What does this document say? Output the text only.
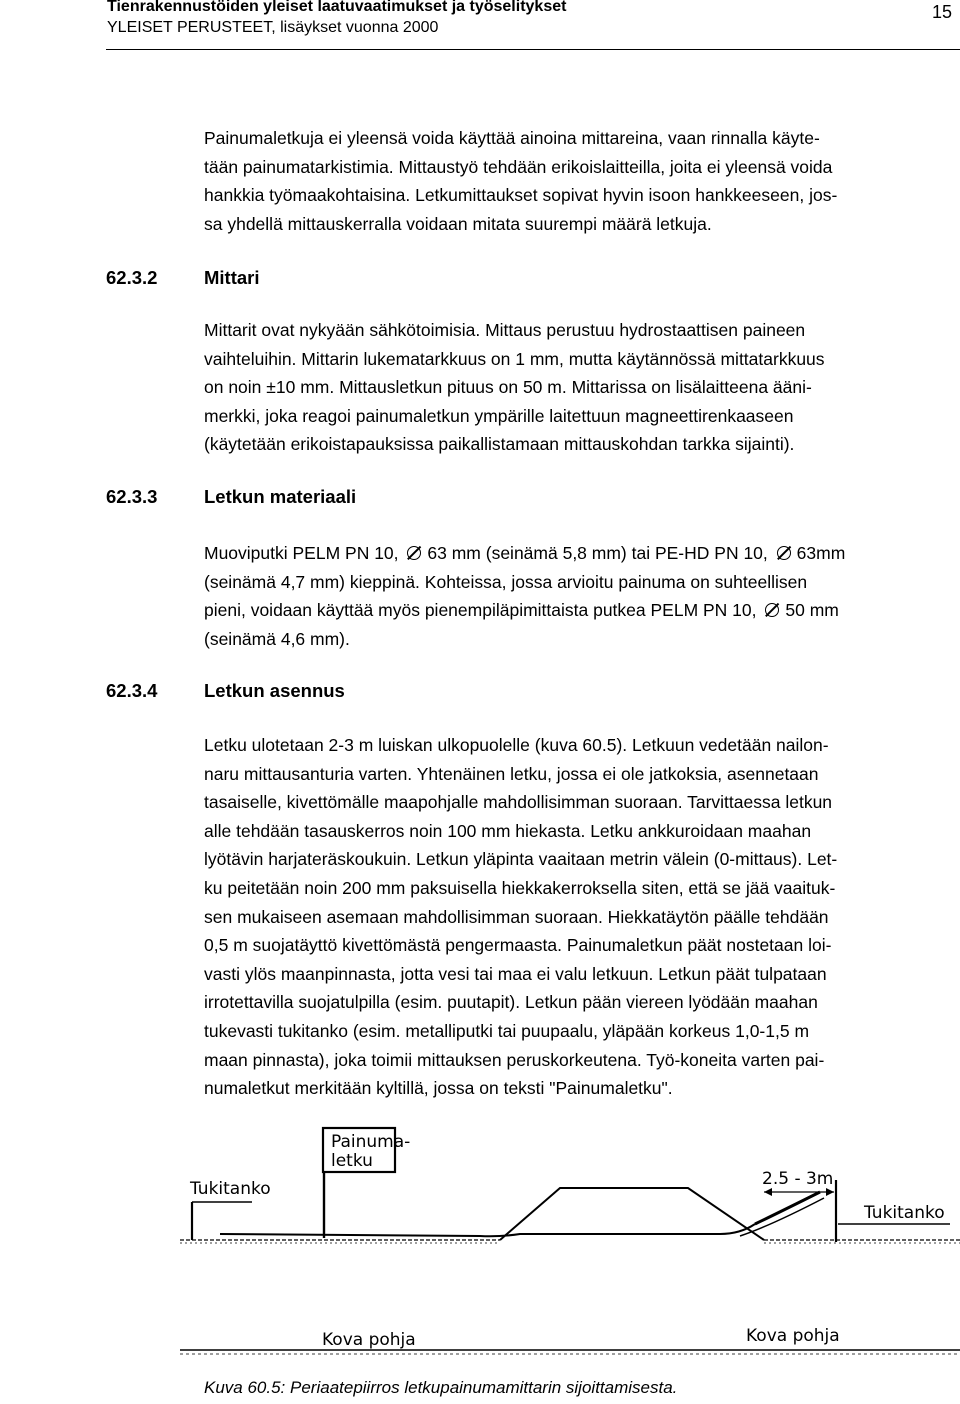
Tienrakennustöiden yleiset laatuvaatimukset ja työselitykset
YLEISET PERUSTEET, lisäykset vuonna 2000
15
Painumaletkuja ei yleensä voida käyttää ainoina mittareina, vaan rinnalla käyte-
tään painumatarkistimia. Mittaustyö tehdään erikoislaitteilla, joita ei yleensä voida
hankkia työmaakohtaisina. Letkumittaukset sopivat hyvin isoon hankkeeseen, jos-
sa yhdellä mittauskerralla voidaan mitata suurempi määrä letkuja.
62.3.2	Mittari
Mittarit ovat nykyään sähkötoimisia. Mittaus perustuu hydrostaattisen paineen
vaihteluihin. Mittarin lukematarkkuus on 1 mm, mutta käytännössä mittatarkkuus
on noin ±10 mm. Mittausletkun pituus on 50 m. Mittarissa on lisälaitteena ääni-
merkki, joka reagoi painumaletkun ympärille laitettuun magneettirenkaaseen
(käytetään erikoistapauksissa paikallistamaan mittauskohdan tarkka sijainti).
62.3.3	Letkun materiaali
Muoviputki PELM PN 10, 63 mm (seinämä 5,8 mm) tai PE-HD PN 10, 63mm
(seinämä 4,7 mm) kieppinä. Kohteissa, jossa arvioitu painuma on suhteellisen
pieni, voidaan käyttää myös pienempiläpimittaista putkea PELM PN 10, 50 mm
(seinämä 4,6 mm).
62.3.4	Letkun asennus
Letku ulotetaan 2-3 m luiskan ulkopuolelle (kuva 60.5). Letkuun vedetään nailon-
naru mittausanturia varten. Yhtenäinen letku, jossa ei ole jatkoksia, asennetaan
tasaiselle, kivettömälle maapohjalle mahdollisimman suoraan. Tarvittaessa letkun
alle tehdään tasauskerros noin 100 mm hiekasta. Letku ankkuroidaan maahan
lyötävin harjateräskoukuin. Letkun yläpinta vaaitaan metrin välein (0-mittaus). Let-
ku peitetään noin 200 mm paksuisella hiekkakerroksella siten, että se jää vaaituk-
sen mukaiseen asemaan mahdollisimman suoraan. Hiekkatäytön päälle tehdään
0,5 m suojatäyttö kivettömästä pengermaasta. Painumaletkun päät nostetaan loi-
vasti ylös maanpinnasta, jotta vesi tai maa ei valu letkuun. Letkun päät tulpataan
irrotettavilla suojatulpilla (esim. puutapit). Letkun pään viereen lyödään maahan
tukevasti tukitanko (esim. metalliputki tai puupaalu, yläpään korkeus 1,0-1,5 m
maan pinnasta), joka toimii mittauksen peruskorkeutena. Työ-koneita varten pai-
numaletkut merkitään kyltillä, jossa on teksti "Painumaletku".
Painuma-
letku
Tukitanko	2.5 - 3m
Tukitanko
Kova pohja	Kova pohja
Kuva 60.5: Periaatepiirros letkupainumamittarin sijoittamisesta.
